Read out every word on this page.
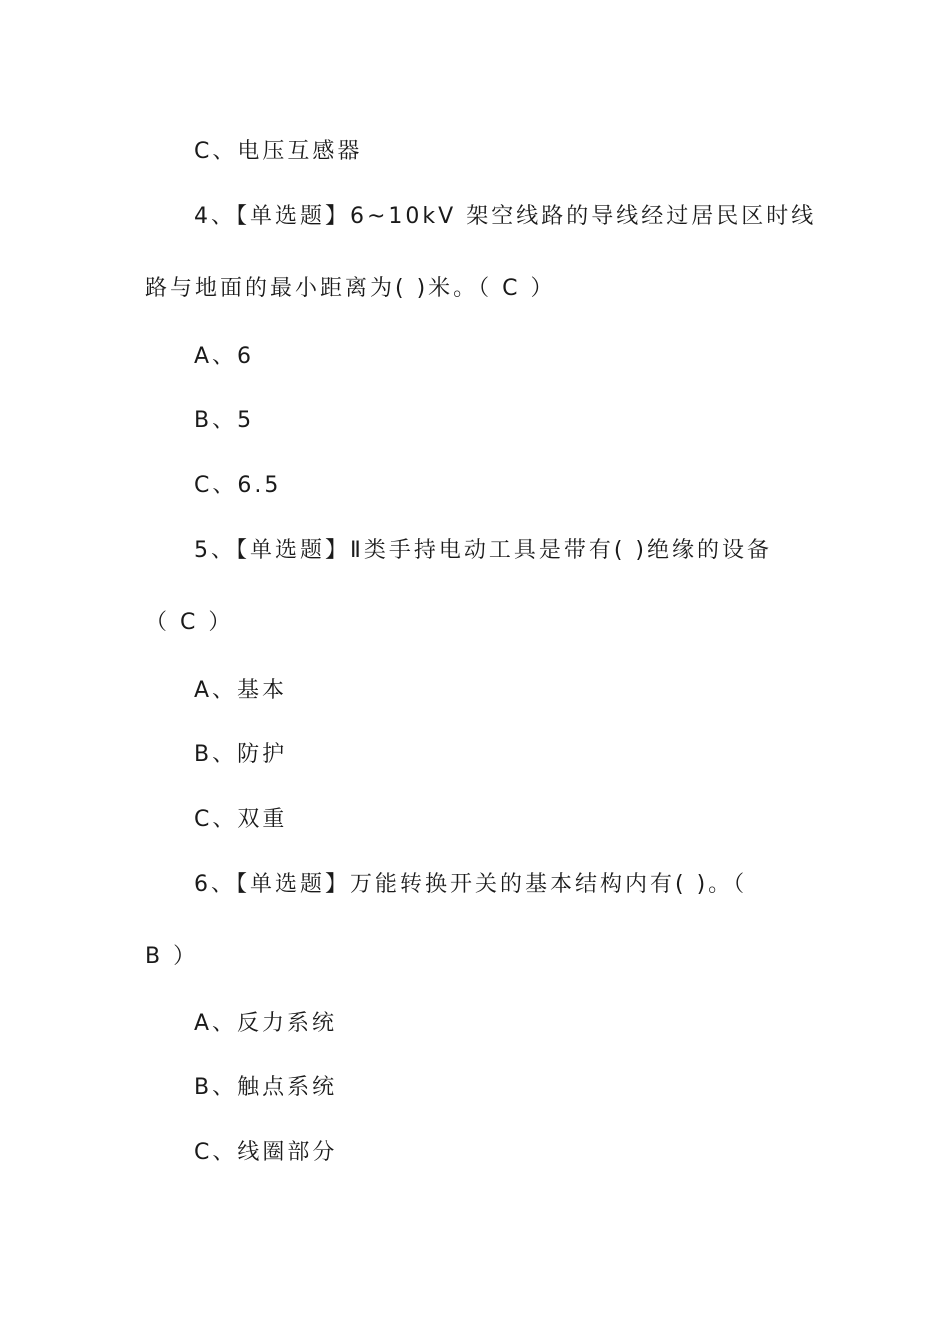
C、电压互感器
4、【单选题】6~10kV 架空线路的导线经过居民区时线
路与地面的最小距离为( )米。（ C ）
A、6
B、5
C、6.5
5、【单选题】Ⅱ类手持电动工具是带有( )绝缘的设备
（ C ）
A、基本
B、防护
C、双重
6、【单选题】万能转换开关的基本结构内有( )。（
B ）
A、反力系统
B、触点系统
C、线圈部分
